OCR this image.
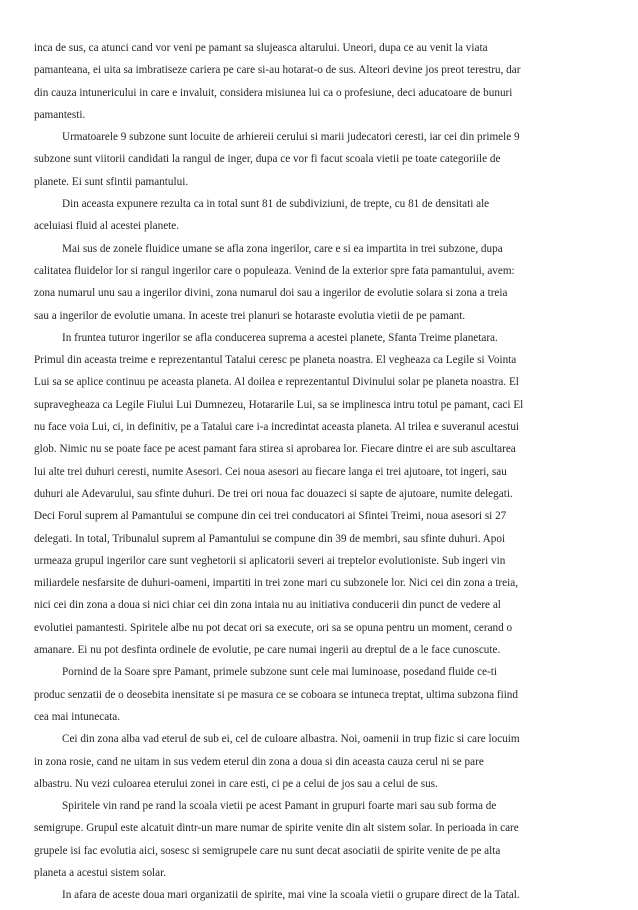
inca de sus, ca atunci cand vor veni pe pamant sa slujeasca altarului. Uneori, dupa ce au venit la viata
pamanteana, ei uita sa imbratiseze cariera pe care si-au hotarat-o de sus. Alteori devine jos preot terestru, dar
din cauza intunericului in care e invaluit, considera misiunea lui ca o profesiune, deci aducatoare de bunuri
pamantesti.
Urmatoarele 9 subzone sunt locuite de arhiereii cerului si marii judecatori ceresti, iar cei din primele 9
subzone sunt viitorii candidati la rangul de inger, dupa ce vor fi facut scoala vietii pe toate categoriile de
planete. Ei sunt sfintii pamantului.
Din aceasta expunere rezulta ca in total sunt 81 de subdiviziuni, de trepte, cu 81 de densitati ale
aceluiasi fluid al acestei planete.
Mai sus de zonele fluidice umane se afla zona ingerilor, care e si ea impartita in trei subzone, dupa
calitatea fluidelor lor si rangul ingerilor care o populeaza. Venind de la exterior spre fata pamantului, avem:
zona numarul unu sau a ingerilor divini, zona numarul doi sau a ingerilor de evolutie solara si zona a treia
sau a ingerilor de evolutie umana. In aceste trei planuri se hotaraste evolutia vietii de pe pamant.
In fruntea tuturor ingerilor se afla conducerea suprema a acestei planete, Sfanta Treime planetara.
Primul din aceasta treime e reprezentantul Tatalui ceresc pe planeta noastra. El vegheaza ca Legile si Vointa
Lui sa se aplice continuu pe aceasta planeta. Al doilea e reprezentantul Divinului solar pe planeta noastra. El
supravegheaza ca Legile Fiului Lui Dumnezeu, Hotararile Lui, sa se implinesca intru totul pe pamant, caci El
nu face voia Lui, ci, in definitiv, pe a Tatalui care i-a incredintat aceasta planeta. Al trilea e suveranul acestui
glob. Nimic nu se poate face pe acest pamant fara stirea si aprobarea lor. Fiecare dintre ei are sub ascultarea
lui alte trei duhuri ceresti, numite Asesori. Cei noua asesori au fiecare langa ei trei ajutoare, tot ingeri, sau
duhuri ale Adevarului, sau sfinte duhuri. De trei ori noua fac douazeci si sapte de ajutoare, numite delegati.
Deci Forul suprem al Pamantului se compune din cei trei conducatori ai Sfintei Treimi, noua asesori si 27
delegati. In total, Tribunalul suprem al Pamantului se compune din 39 de membri, sau sfinte duhuri. Apoi
urmeaza grupul ingerilor care sunt veghetorii si aplicatorii severi ai treptelor evolutioniste. Sub ingeri vin
miliardele nesfarsite de duhuri-oameni, impartiti in trei zone mari cu subzonele lor. Nici cei din zona a treia,
nici cei din zona a doua si nici chiar cei din zona intaia nu au initiativa conducerii din punct de vedere al
evolutiei pamantesti. Spiritele albe nu pot decat ori sa execute, ori sa se opuna pentru un moment, cerand o
amanare. Ei nu pot desfinta ordinele de evolutie, pe care numai ingerii au dreptul de a le face cunoscute.
Pornind de la Soare spre Pamant, primele subzone sunt cele mai luminoase, posedand fluide ce-ti
produc senzatii de o deosebita inensitate si pe masura ce se coboara se intuneca treptat, ultima subzona fiind
cea mai intunecata.
Cei din zona alba vad eterul de sub ei, cel de culoare albastra. Noi, oamenii in trup fizic si care locuim
in zona rosie, cand ne uitam in sus vedem eterul din zona a doua si din aceasta cauza cerul ni se pare
albastru. Nu vezi culoarea eterului zonei in care esti, ci pe a celui de jos sau a celui de sus.
Spiritele vin rand pe rand la scoala vietii pe acest Pamant in grupuri foarte mari sau sub forma de
semigrupe. Grupul este alcatuit dintr-un mare numar de spirite venite din alt sistem solar. In perioada in care
grupele isi fac evolutia aici, sosesc si semigrupele care nu sunt decat asociatii de spirite venite de pe alta
planeta a acestui sistem solar.
In afara de aceste doua mari organizatii de spirite, mai vine la scoala vietii o grupare direct de la Tatal.
